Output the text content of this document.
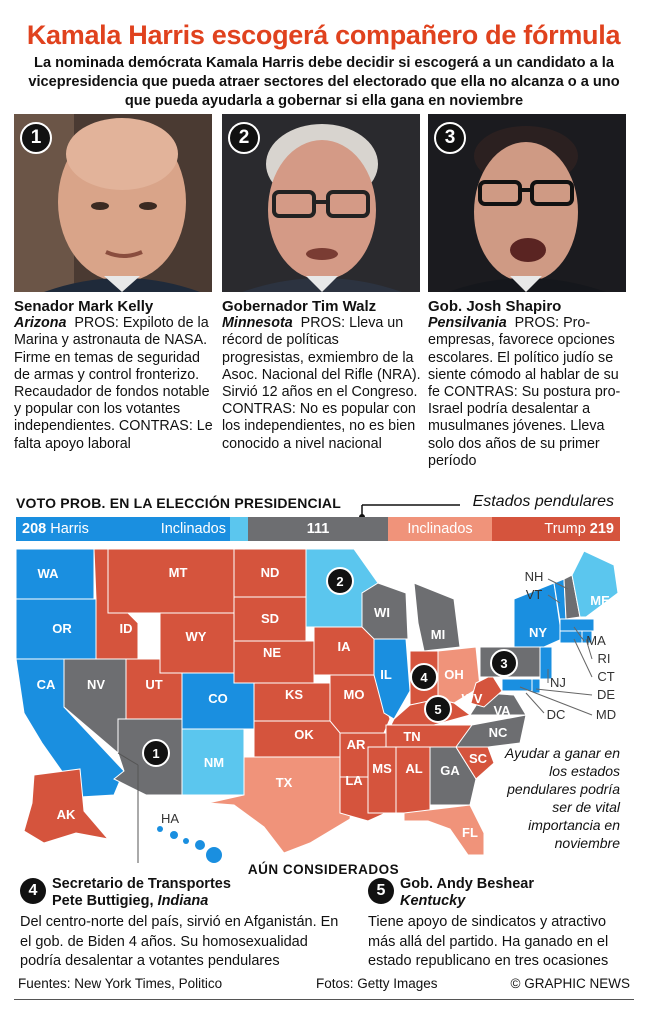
Kamala Harris escogerá compañero de fórmula
La nominada demócrata Kamala Harris debe decidir si escogerá a un candidato a la vicepresidencia que pueda atraer sectores del electorado que ella no alcanza o a uno que pueda ayudarla a gobernar si ella gana en noviembre
1
Senador Mark Kelly
Arizona PROS: Expiloto de la Marina y astronauta de NASA. Firme en temas de seguridad de armas y control fronterizo. Recaudador de fondos notable y popular con los votantes independientes. CONTRAS: Le falta apoyo laboral
2
Gobernador Tim Walz
Minnesota PROS: Lleva un récord de políticas progresistas, exmiembro de la Asoc. Nacional del Rifle (NRA). Sirvió 12 años en el Congreso. CONTRAS: No es popular con los independientes, no es bien conocido a nivel nacional
3
Gob. Josh Shapiro
Pensilvania PROS: Pro-empresas, favorece opciones escolares. El político judío se siente cómodo al hablar de su fe CONTRAS: Su postura pro-Israel podría desalentar a musulmanes jóvenes. Lleva solo dos años de su primer período
VOTO PROB. EN LA ELECCIÓN PRESIDENCIAL	Estados pendulares
208 Harris	Inclinados	111	Inclinados	Trump 219
WA
OR
CA NV
ID
MT
WY
UT
CO
NM
ND
SD
NE
KS
OK
TX
IA
MO
AR
LA
WI
IL
MI
OH
TN
MS AL GA
SC
FL
NC
VA
WV
NY
ME
AK	HA
NH
VT
MA
RI
CT
NJ
DE
MD
DC
1
2
3
4
5
Ayudar a ganar en los estados pendulares podría ser de vital importancia en noviembre
AÚN CONSIDERADOS
4	Secretario de Transportes
Pete Buttigieg, Indiana
Del centro-norte del país, sirvió en Afganistán. En el gob. de Biden 4 años. Su homosexualidad podría desalentar a votantes pendulares
5	Gob. Andy Beshear
Kentucky
Tiene apoyo de sindicatos y atractivo más allá del partido. Ha ganado en el estado republicano en tres ocasiones
Fuentes: New York Times, Politico	Fotos: Getty Images	© GRAPHIC NEWS
